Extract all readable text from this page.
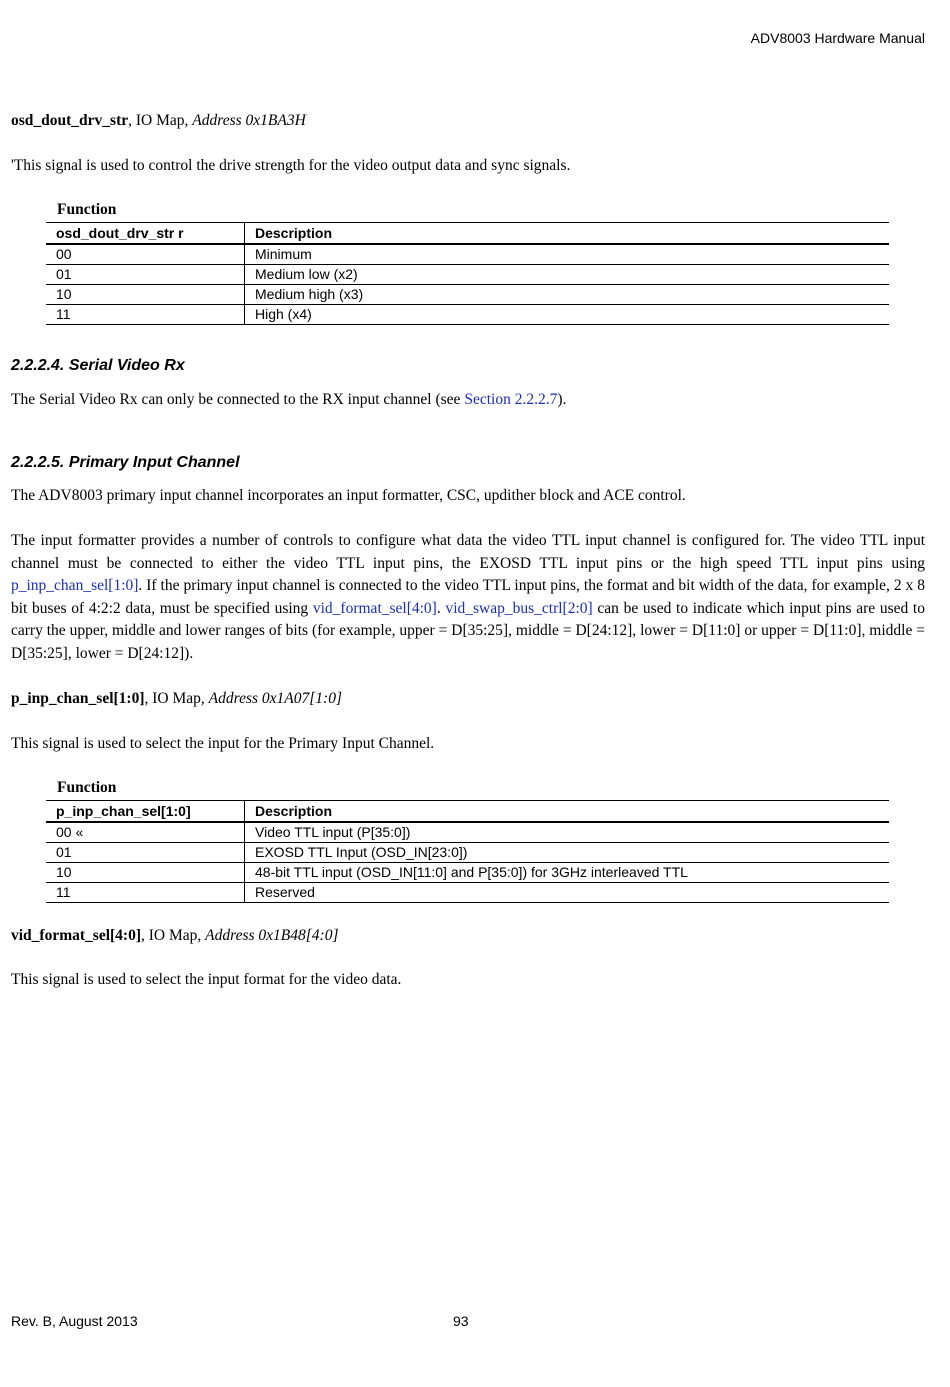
ADV8003 Hardware Manual

osd_dout_drv_str, IO Map, Address 0x1BA3H

'This signal is used to control the drive strength for the video output data and sync signals.

Function
osd_dout_drv_str r	Description
00	Minimum
01	Medium low (x2)
10	Medium high (x3)
11	High (x4)
2.2.2.4. Serial Video Rx

The Serial Video Rx can only be connected to the RX input channel (see Section 2.2.2.7).

2.2.2.5. Primary Input Channel

The ADV8003 primary input channel incorporates an input formatter, CSC, updither block and ACE control.

The input formatter provides a number of controls to configure what data the video TTL input channel is configured for. The video TTL input channel must be connected to either the video TTL input pins, the EXOSD TTL input pins or the high speed TTL input pins using p_inp_chan_sel[1:0]. If the primary input channel is connected to the video TTL input pins, the format and bit width of the data, for example, 2 x 8 bit buses of 4:2:2 data, must be specified using vid_format_sel[4:0]. vid_swap_bus_ctrl[2:0] can be used to indicate which input pins are used to carry the upper, middle and lower ranges of bits (for example, upper = D[35:25], middle = D[24:12], lower = D[11:0] or upper = D[11:0], middle = D[35:25], lower = D[24:12]).

p_inp_chan_sel[1:0], IO Map, Address 0x1A07[1:0]

This signal is used to select the input for the Primary Input Channel.

Function
p_inp_chan_sel[1:0]	Description
00 «	Video TTL input (P[35:0])
01	EXOSD TTL Input (OSD_IN[23:0])
10	48-bit TTL input (OSD_IN[11:0] and P[35:0]) for 3GHz interleaved TTL
11	Reserved

vid_format_sel[4:0], IO Map, Address 0x1B48[4:0]

This signal is used to select the input format for the video data.

Rev. B, August 2013	93
